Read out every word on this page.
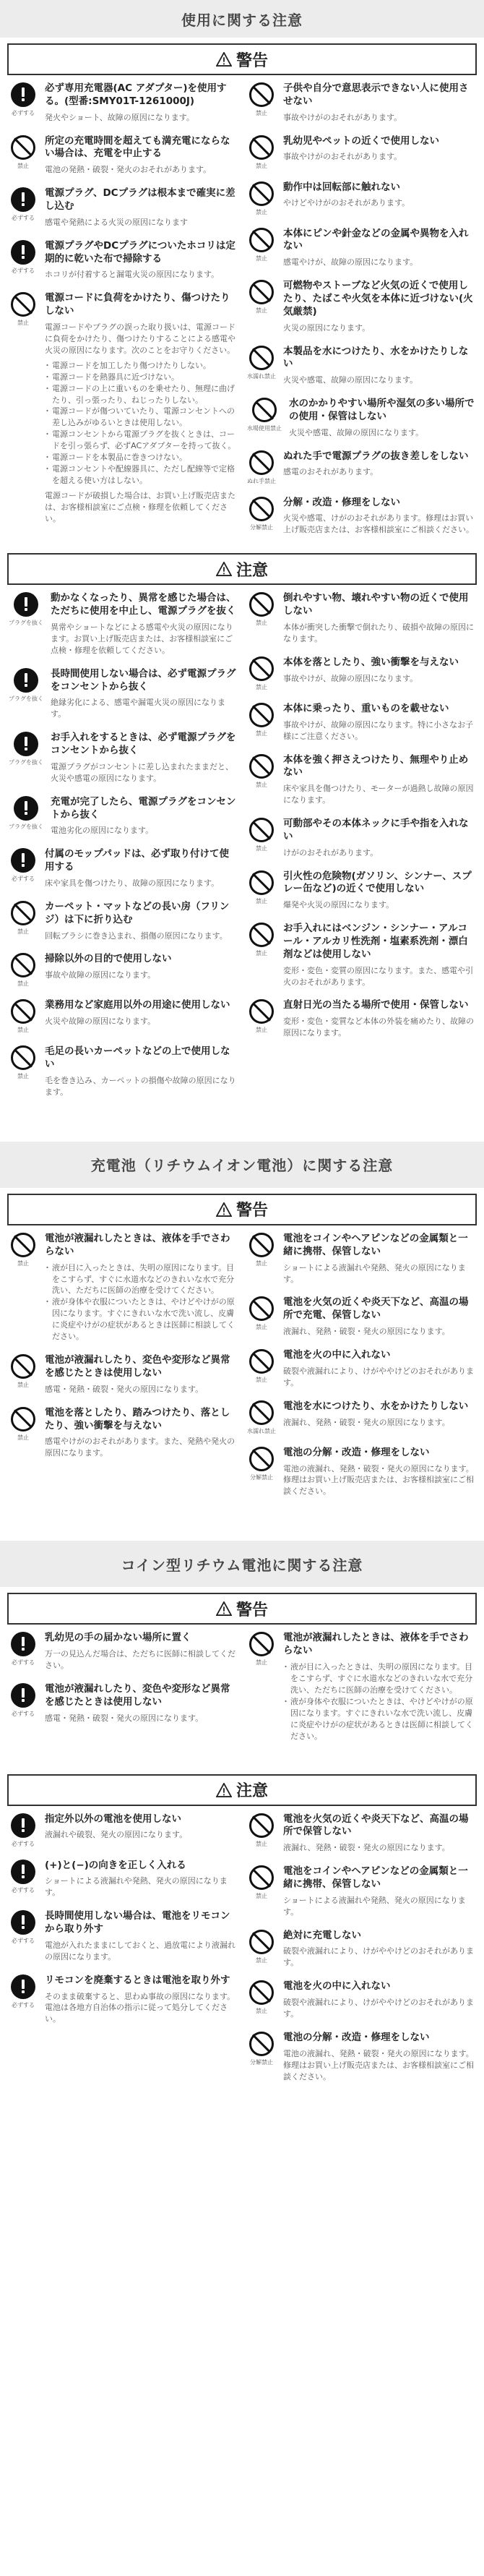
使用に関する注意
警告
必ずする
必ず専用充電器(AC アダプター)を使用する。(型番:SMY01T-1261000J)
発火やショート、故障の原因になります。
禁止
所定の充電時間を超えても満充電にならない場合は、充電を中止する
電池の発熱・破裂・発火のおそれがあります。
必ずする
電源プラグ、DCプラグは根本まで確実に差し込む
感電や発熱による火災の原因になります
必ずする
電源プラグやDCプラグについたホコリは定期的に乾いた布で掃除する
ホコリが付着すると漏電火災の原因になります。
禁止
電源コードに負荷をかけたり、傷つけたりしない
電源コードやプラグの誤った取り扱いは、電源コードに負荷をかけたり、傷つけたりすることによる感電や火災の原因になります。次のことをお守りください。
・ 電源コードを加工したり傷つけたりしない。
・ 電源コードを熱器具に近づけない。
・ 電源コードの上に重いものを乗せたり、無理に曲げたり、引っ張ったり、ねじったりしない。
・ 電源コードが傷ついていたり、電源コンセントへの差し込みがゆるいときは使用しない。
・ 電源コンセントから電源プラグを抜くときは、コードを引っ張らず、必ずACアダプターを持って抜く。
・ 電源コードを本製品に巻きつけない。
・ 電源コンセントや配線器具に、ただし配線等で定格を超える使い方はしない。
電源コードが破損した場合は、お買い上げ販売店または、お客様相談室にご点検・修理を依頼してください。
禁止
子供や自分で意思表示できない人に使用させない
事故やけがのおそれがあります。
禁止
乳幼児やペットの近くで使用しない
事故やけがのおそれがあります。
禁止
動作中は回転部に触れない
やけどやけがのおそれがあります。
禁止
本体にピンや針金などの金属や異物を入れない
感電やけが、故障の原因になります。
禁止
可燃物やストーブなど火気の近くで使用したり、たばこや火気を本体に近づけない(火気厳禁)
火災の原因になります。
水濡れ禁止
本製品を水につけたり、水をかけたりしない
火災や感電、故障の原因になります。
水場使用禁止
水のかかりやすい場所や湿気の多い場所での使用・保管はしない
火災や感電、故障の原因になります。
ぬれ手禁止
ぬれた手で電源プラグの抜き差しをしない
感電のおそれがあります。
分解禁止
分解・改造・修理をしない
火災や感電、けがのおそれがあります。修理はお買い上げ販売店または、お客様相談室にご相談ください。
注意
プラグを抜く
動かなくなったり、異常を感じた場合は、ただちに使用を中止し、電源プラグを抜く
異常やショートなどによる感電や火災の原因になります。お買い上げ販売店または、お客様相談室にご点検・修理を依頼してください。
プラグを抜く
長時間使用しない場合は、必ず電源プラグをコンセントから抜く
絶縁劣化による、感電や漏電火災の原因になります。
プラグを抜く
お手入れをするときは、必ず電源プラグをコンセントから抜く
電源プラグがコンセントに差し込まれたままだと、火災や感電の原因になります。
プラグを抜く
充電が完了したら、電源プラグをコンセントから抜く
電池劣化の原因になります。
必ずする
付属のモップパッドは、必ず取り付けて使用する
床や家具を傷つけたり、故障の原因になります。
禁止
カーペット・マットなどの長い房（フリンジ）は下に折り込む
回転ブラシに巻き込まれ、損傷の原因になります。
禁止
掃除以外の目的で使用しない
事故や故障の原因になります。
禁止
業務用など家庭用以外の用途に使用しない
火災や故障の原因になります。
禁止
毛足の長いカーペットなどの上で使用しない
毛を巻き込み、カーペットの損傷や故障の原因になります。
禁止
倒れやすい物、壊れやすい物の近くで使用しない
本体が衝突した衝撃で倒れたり、破損や故障の原因になります。
禁止
本体を落としたり、強い衝撃を与えない
事故やけが、故障の原因になります。
禁止
本体に乗ったり、重いものを載せない
事故やけが、故障の原因になります。特に小さなお子様にご注意ください。
禁止
本体を強く押さえつけたり、無理やり止めない
床や家具を傷つけたり、モーターが過熱し故障の原因になります。
禁止
可動部やその本体ネックに手や指を入れない
けがのおそれがあります。
禁止
引火性の危険物(ガソリン、シンナー、スプレー缶など)の近くで使用しない
爆発や火災の原因になります。
禁止
お手入れにはベンジン・シンナー・アルコール・アルカリ性洗剤・塩素系洗剤・漂白剤などは使用しない
変形・変色・変質の原因になります。また、感電や引火のおそれがあります。
禁止
直射日光の当たる場所で使用・保管しない
変形・変色・変質など本体の外装を痛めたり、故障の原因になります。
充電池（リチウムイオン電池）に関する注意
警告
禁止
電池が液漏れしたときは、液体を手でさわらない
・ 液が目に入ったときは、失明の原因になります。目をこすらず、すぐに水道水などのきれいな水で充分洗い、ただちに医師の治療を受けてください。
・ 液が身体や衣服についたときは、やけどやけがの原因になります。すぐにきれいな水で洗い流し、皮膚に炎症やけがの症状があるときは医師に相談してください。
禁止
電池が液漏れしたり、変色や変形など異常を感じたときは使用しない
感電・発熱・破裂・発火の原因になります。
禁止
電池を落としたり、踏みつけたり、落としたり、強い衝撃を与えない
感電やけがのおそれがあります。また、発熱や発火の原因になります。
禁止
電池をコインやヘアピンなどの金属類と一緒に携帯、保管しない
ショートによる液漏れや発熱、発火の原因になります。
禁止
電池を火気の近くや炎天下など、高温の場所で充電、保管しない
液漏れ、発熱・破裂・発火の原因になります。
禁止
電池を火の中に入れない
破裂や液漏れにより、けがややけどのおそれがあります。
水濡れ禁止
電池を水につけたり、水をかけたりしない
液漏れ、発熱・破裂・発火の原因になります。
分解禁止
電池の分解・改造・修理をしない
電池の液漏れ、発熱・破裂・発火の原因になります。修理はお買い上げ販売店または、お客様相談室にご相談ください。
コイン型リチウム電池に関する注意
警告
必ずする
乳幼児の手の届かない場所に置く
万一の見込んだ場合は、ただちに医師に相談してください。
必ずする
電池が液漏れしたり、変色や変形など異常を感じたときは使用しない
感電・発熱・破裂・発火の原因になります。
禁止
電池が液漏れしたときは、液体を手でさわらない
・ 液が目に入ったときは、失明の原因になります。目をこすらず、すぐに水道水などのきれいな水で充分洗い、ただちに医師の治療を受けてください。
・ 液が身体や衣服についたときは、やけどやけがの原因になります。すぐにきれいな水で洗い流し、皮膚に炎症やけがの症状があるときは医師に相談してください。
注意
必ずする
指定外以外の電池を使用しない
液漏れや破裂、発火の原因になります。
必ずする
(+)と(−)の向きを正しく入れる
ショートによる液漏れや発熱、発火の原因になります。
必ずする
長時間使用しない場合は、電池をリモコンから取り外す
電池が入れたままにしておくと、過放電により液漏れの原因になります。
必ずする
リモコンを廃棄するときは電池を取り外す
そのまま破棄すると、思わぬ事故の原因になります。電池は各地方自治体の指示に従って処分してください。
禁止
電池を火気の近くや炎天下など、高温の場所で保管しない
液漏れ、発熱・破裂・発火の原因になります。
禁止
電池をコインやヘアピンなどの金属類と一緒に携帯、保管しない
ショートによる液漏れや発熱、発火の原因になります。
禁止
絶対に充電しない
破裂や液漏れにより、けがややけどのおそれがあります。
禁止
電池を火の中に入れない
破裂や液漏れにより、けがややけどのおそれがあります。
分解禁止
電池の分解・改造・修理をしない
電池の液漏れ、発熱・破裂・発火の原因になります。修理はお買い上げ販売店または、お客様相談室にご相談ください。
